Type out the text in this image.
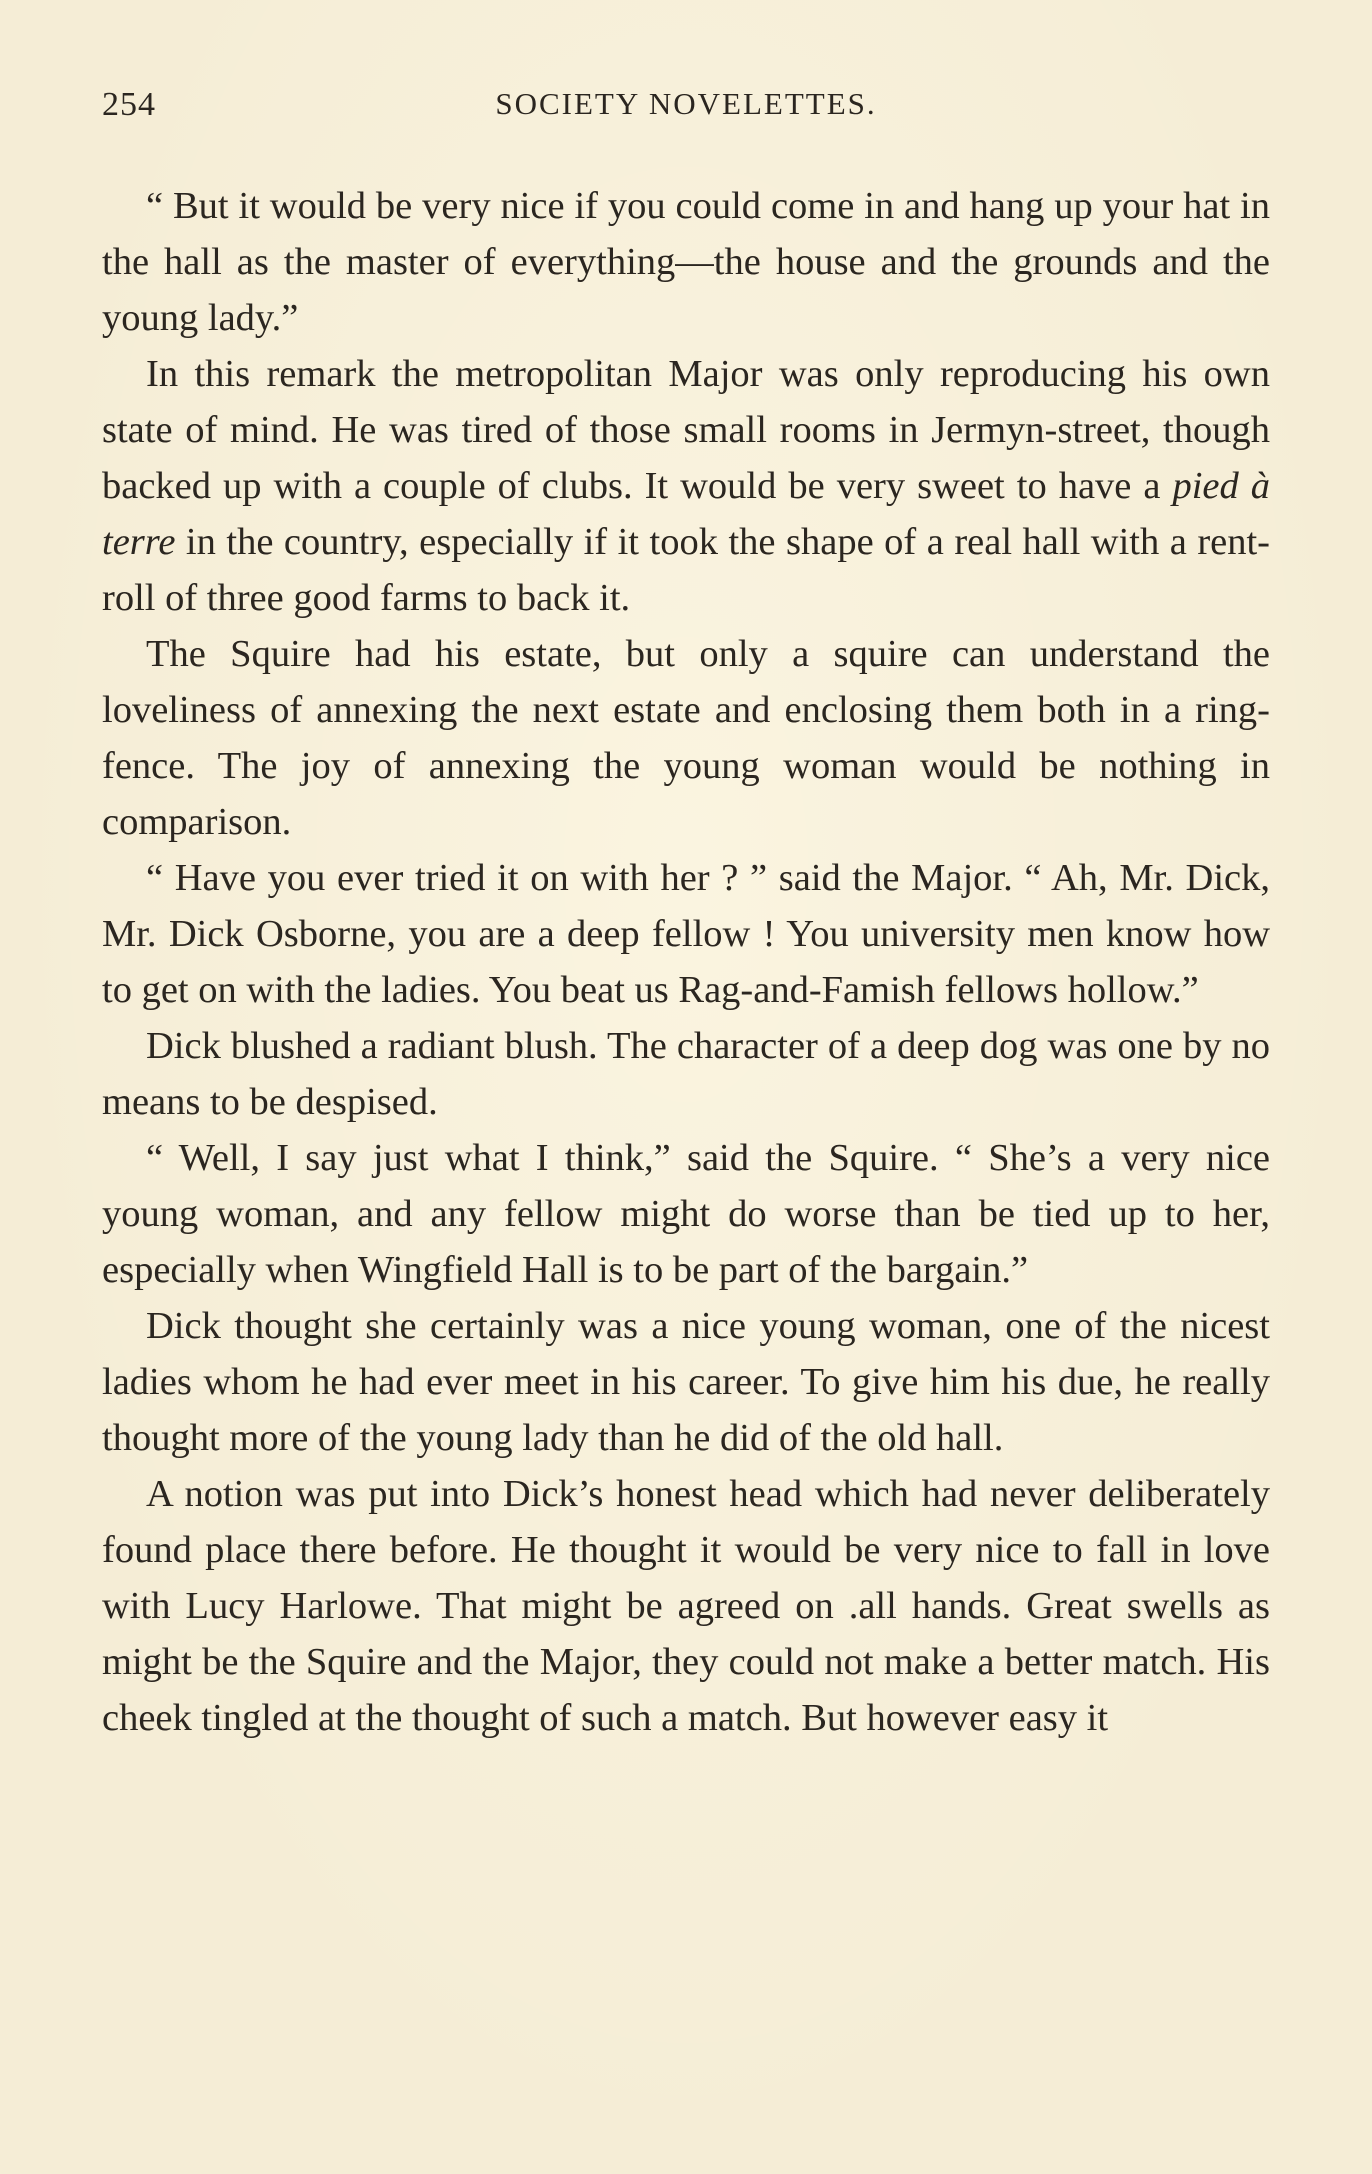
254	SOCIETY NOVELETTES.

“ But it would be very nice if you could come in and hang up your hat in the hall as the master of everything—the house and the grounds and the young lady.”

In this remark the metropolitan Major was only reproducing his own state of mind. He was tired of those small rooms in Jermyn-street, though backed up with a couple of clubs. It would be very sweet to have a pied à terre in the country, especially if it took the shape of a real hall with a rent-roll of three good farms to back it.

The Squire had his estate, but only a squire can understand the loveliness of annexing the next estate and enclosing them both in a ring-fence. The joy of annexing the young woman would be nothing in comparison.

“ Have you ever tried it on with her ? ” said the Major. “ Ah, Mr. Dick, Mr. Dick Osborne, you are a deep fellow ! You university men know how to get on with the ladies. You beat us Rag-and-Famish fellows hollow.”

Dick blushed a radiant blush. The character of a deep dog was one by no means to be despised.

“ Well, I say just what I think,” said the Squire. “ She’s a very nice young woman, and any fellow might do worse than be tied up to her, especially when Wingfield Hall is to be part of the bargain.”

Dick thought she certainly was a nice young woman, one of the nicest ladies whom he had ever meet in his career. To give him his due, he really thought more of the young lady than he did of the old hall.

A notion was put into Dick’s honest head which had never deliberately found place there before. He thought it would be very nice to fall in love with Lucy Harlowe. That might be agreed on .all hands. Great swells as might be the Squire and the Major, they could not make a better match. His cheek tingled at the thought of such a match. But however easy it
